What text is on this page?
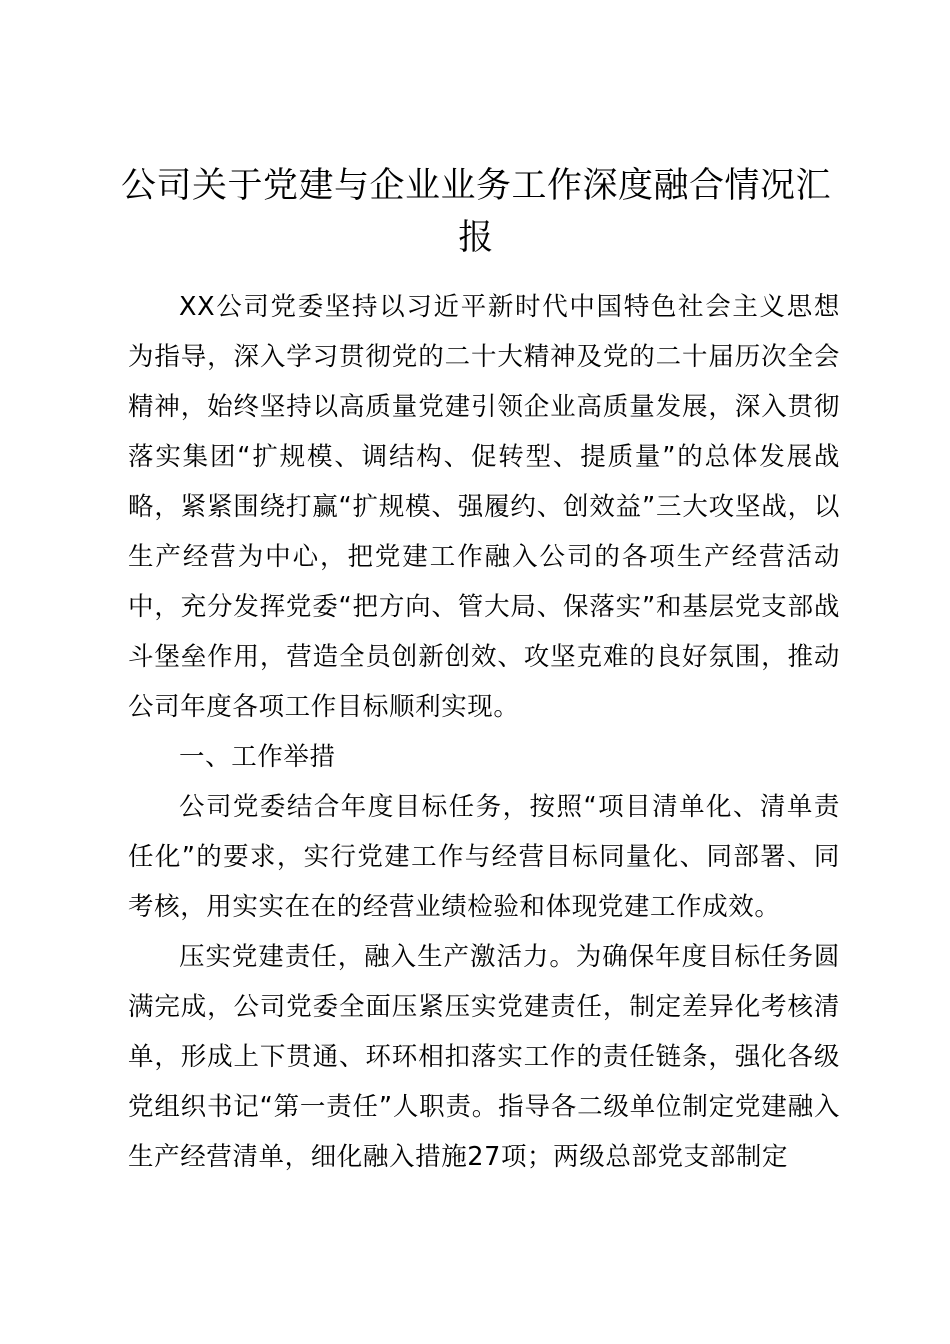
公司关于党建与企业业务工作深度融合情况汇报

XX公司党委坚持以习近平新时代中国特色社会主义思想为指导，深入学习贯彻党的二十大精神及党的二十届历次全会精神，始终坚持以高质量党建引领企业高质量发展，深入贯彻落实集团“扩规模、调结构、促转型、提质量”的总体发展战略，紧紧围绕打赢“扩规模、强履约、创效益”三大攻坚战，以生产经营为中心，把党建工作融入公司的各项生产经营活动中，充分发挥党委“把方向、管大局、保落实”和基层党支部战斗堡垒作用，营造全员创新创效、攻坚克难的良好氛围，推动公司年度各项工作目标顺利实现。

一、工作举措

公司党委结合年度目标任务，按照“项目清单化、清单责任化”的要求，实行党建工作与经营目标同量化、同部署、同考核，用实实在在的经营业绩检验和体现党建工作成效。

压实党建责任，融入生产激活力。为确保年度目标任务圆满完成，公司党委全面压紧压实党建责任，制定差异化考核清单，形成上下贯通、环环相扣落实工作的责任链条，强化各级党组织书记“第一责任”人职责。指导各二级单位制定党建融入生产经营清单，细化融入措施27项；两级总部党支部制定
